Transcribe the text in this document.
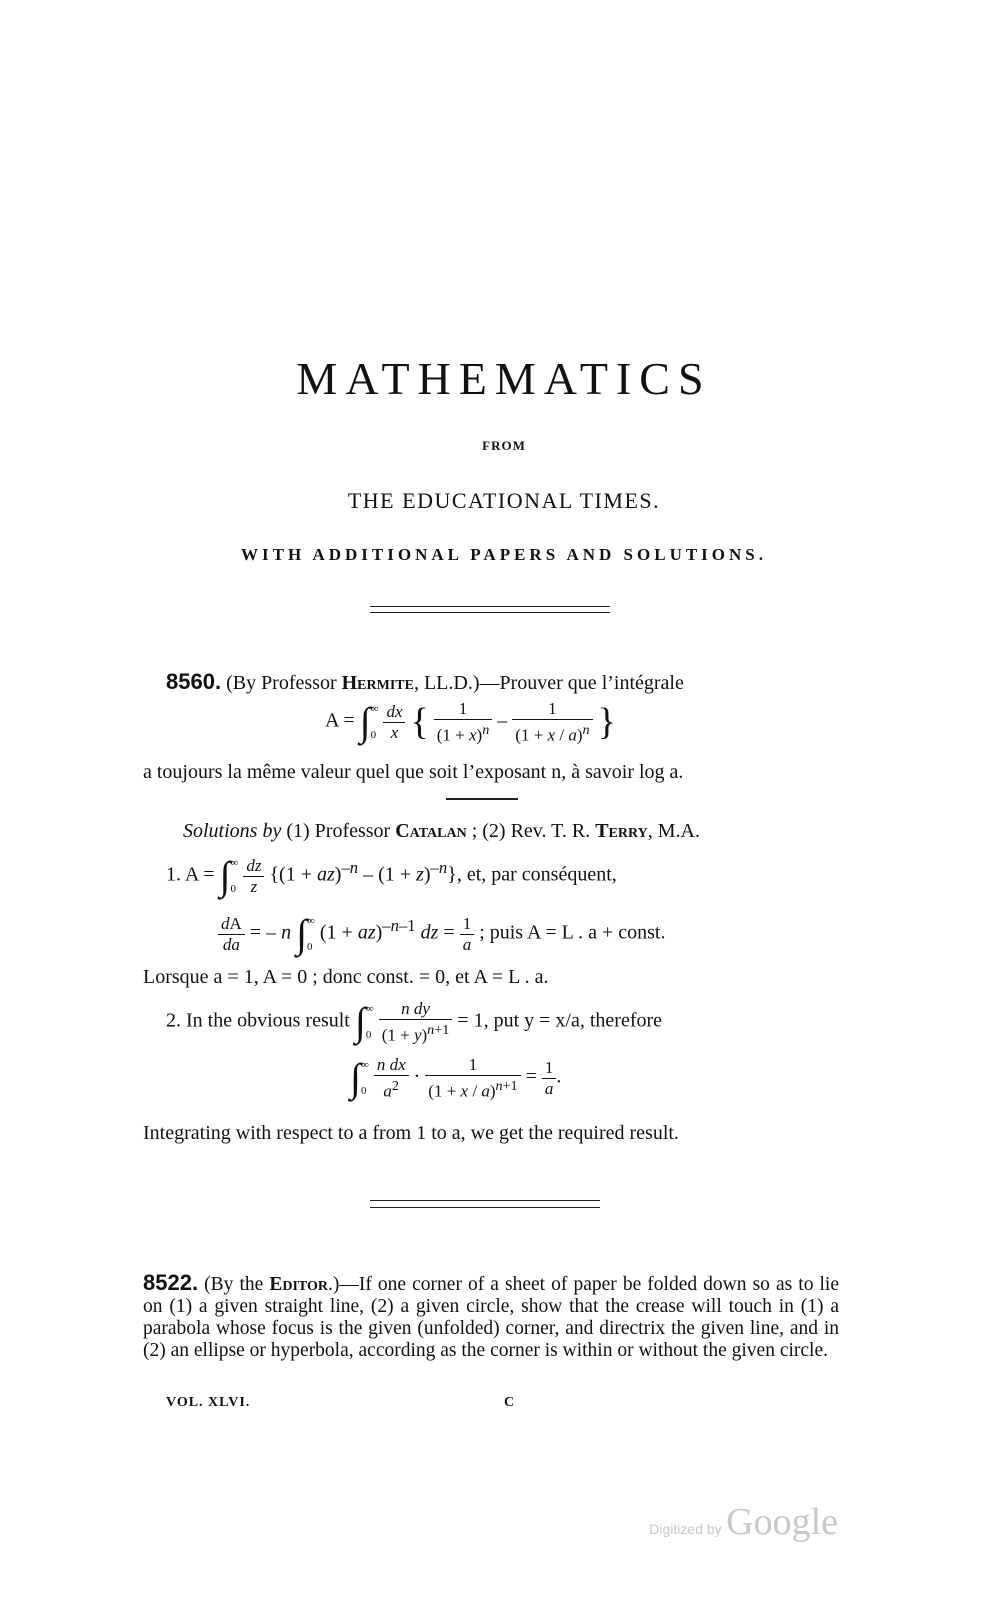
MATHEMATICS
FROM
THE EDUCATIONAL TIMES.
WITH ADDITIONAL PAPERS AND SOLUTIONS.
8560. (By Professor Hermite, LL.D.)—Prouver que l’intégrale
A = ∫∞
$0 \frac{dx}{x}$ { $\frac{1}{(1 + x)^n} - \frac{1}{(1 + x / a)^n}$ }
a toujours la même valeur quel que soit l’exposant n, à savoir log a.
Solutions by (1) Professor Catalan ; (2) Rev. T. R. Terry, M.A.
1. A = ∫∞
$0 \frac{dz}{z} \{(1 + az)^{-n} - (1 + z)^{-n}\}$, et, par conséquent,
$\frac{dA}{da}$ = – n ∫∞
0 (1 + az)$^{-n-1}$ dz = $\frac{1}{a}$ ; puis A = L . a + const.
Lorsque a = 1, A = 0 ; donc const. = 0, et A = L . a.
2. In the obvious result ∫∞
$0 \frac{\text{n dy}}{(1 + y)^{n+1}} = 1$, put y = x/a, therefore
∫∞
$0 \frac{\text{n dx}}{a^2} \cdot \frac{1}{(1 + x / a)^{n+1}} = \frac{1}{a}$ .
Integrating with respect to a from 1 to a, we get the required result.
8522. (By the Editor.)—If one corner of a sheet of paper be folded down so as to lie on (1) a given straight line, (2) a given circle, show that the crease will touch in (1) a parabola whose focus is the given (unfolded) corner, and directrix the given line, and in (2) an ellipse or hyperbola, according as the corner is within or without the given circle.
VOL. XLVI.	C
Digitized by Google
